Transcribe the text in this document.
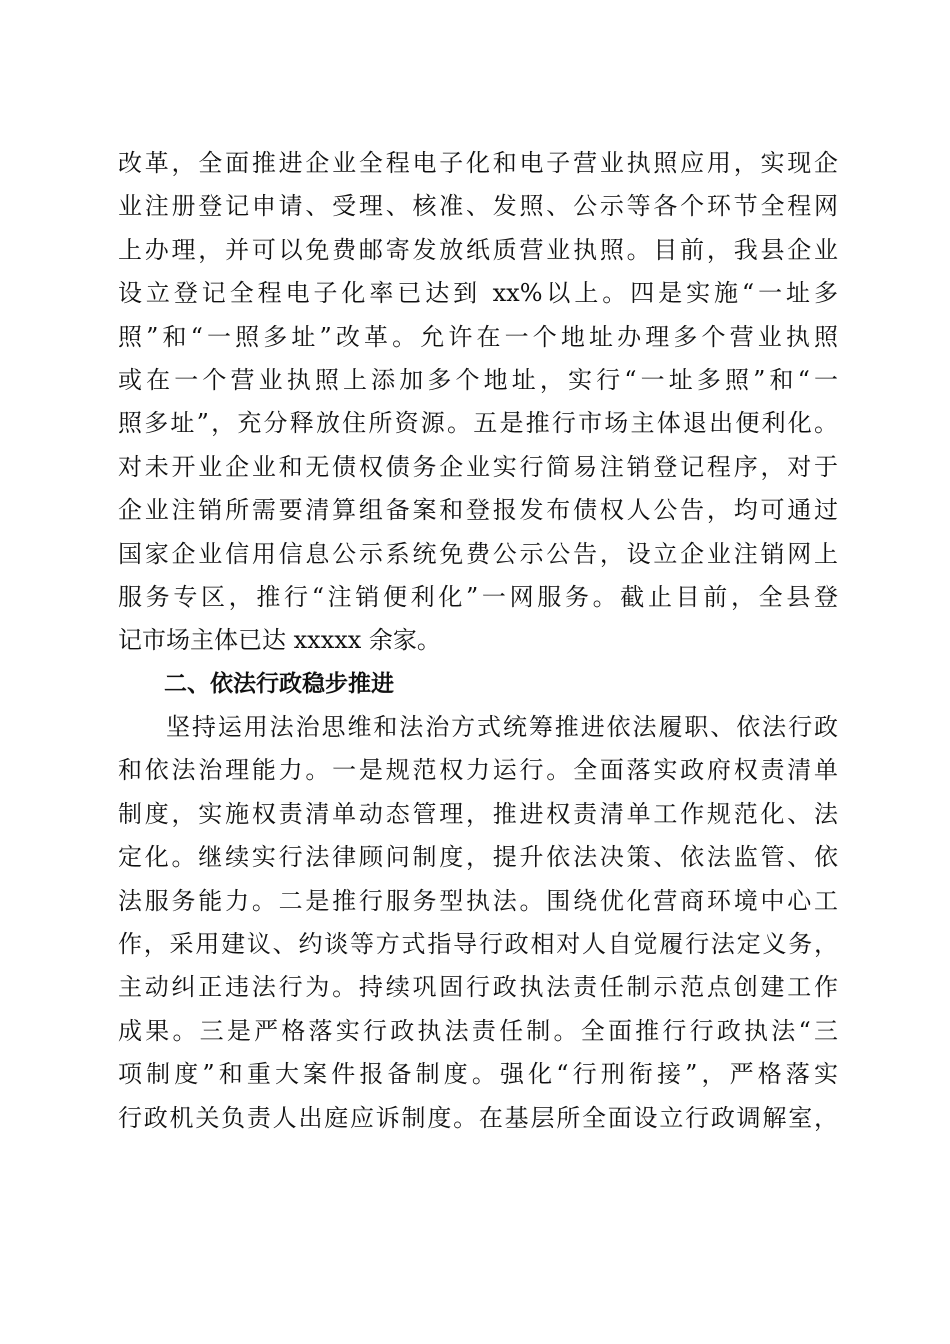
改革，全面推进企业全程电子化和电子营业执照应用，实现企
业注册登记申请、受理、核准、发照、公示等各个环节全程网
上办理，并可以免费邮寄发放纸质营业执照。目前，我县企业
设立登记全程电子化率已达到 xx%以上。四是实施“一址多
照”和“一照多址”改革。允许在一个地址办理多个营业执照
或在一个营业执照上添加多个地址，实行“一址多照”和“一
照多址”，充分释放住所资源。五是推行市场主体退出便利化。
对未开业企业和无债权债务企业实行简易注销登记程序，对于
企业注销所需要清算组备案和登报发布债权人公告，均可通过
国家企业信用信息公示系统免费公示公告，设立企业注销网上
服务专区，推行“注销便利化”一网服务。截止目前，全县登
记市场主体已达 xxxxx 余家。
二、依法行政稳步推进
坚持运用法治思维和法治方式统筹推进依法履职、依法行政
和依法治理能力。一是规范权力运行。全面落实政府权责清单
制度，实施权责清单动态管理，推进权责清单工作规范化、法
定化。继续实行法律顾问制度，提升依法决策、依法监管、依
法服务能力。二是推行服务型执法。围绕优化营商环境中心工
作，采用建议、约谈等方式指导行政相对人自觉履行法定义务，
主动纠正违法行为。持续巩固行政执法责任制示范点创建工作
成果。三是严格落实行政执法责任制。全面推行行政执法“三
项制度”和重大案件报备制度。强化“行刑衔接”，严格落实
行政机关负责人出庭应诉制度。在基层所全面设立行政调解室，
